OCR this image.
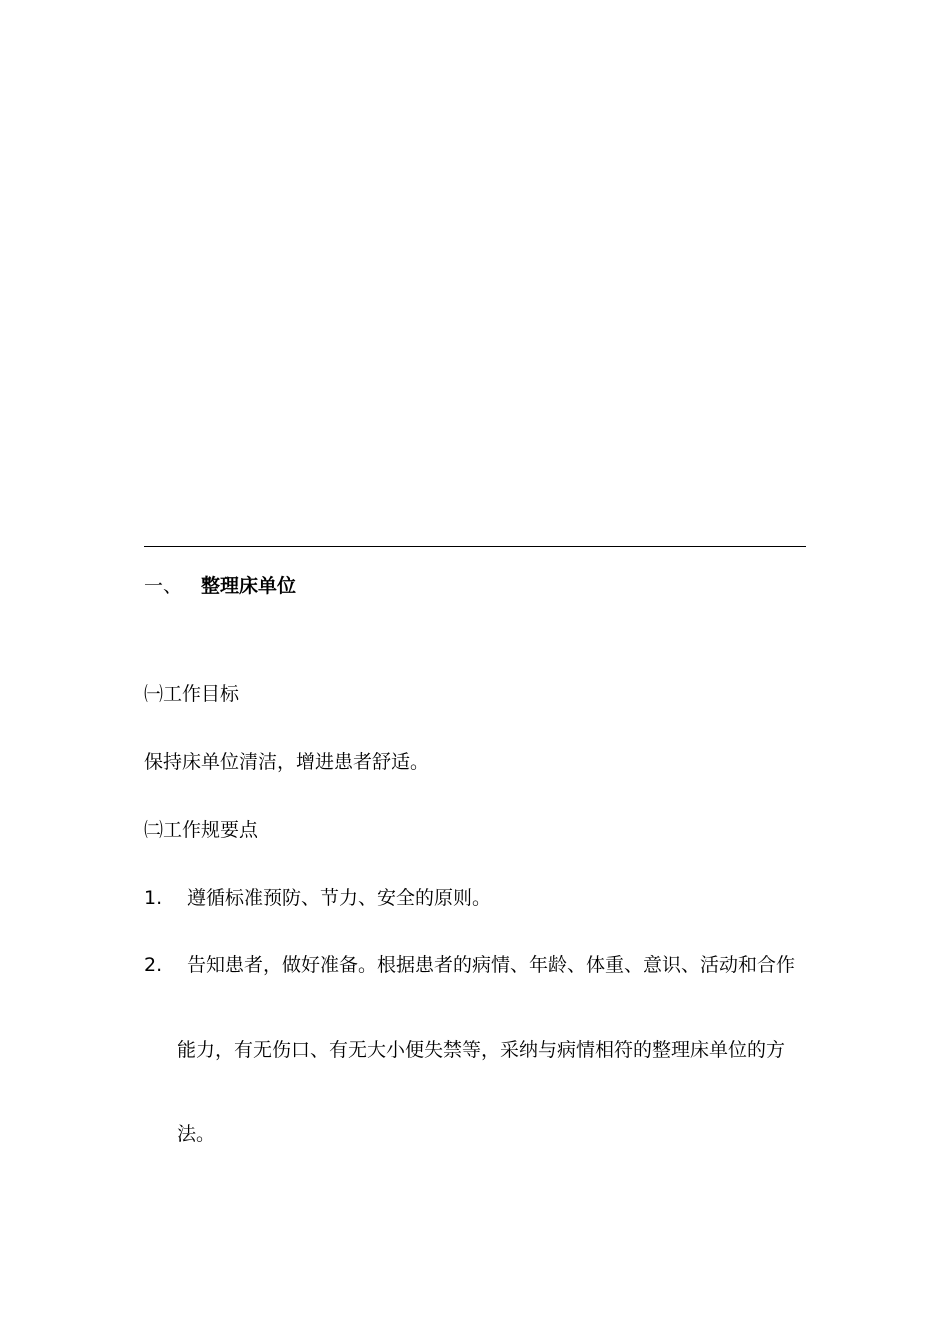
一、 整理床单位
㈠工作目标
保持床单位清洁，增进患者舒适。
㈡工作规要点
1. 遵循标准预防、节力、安全的原则。
2. 告知患者，做好准备。根据患者的病情、年龄、体重、意识、活动和合作
能力，有无伤口、有无大小便失禁等，采纳与病情相符的整理床单位的方
法。
